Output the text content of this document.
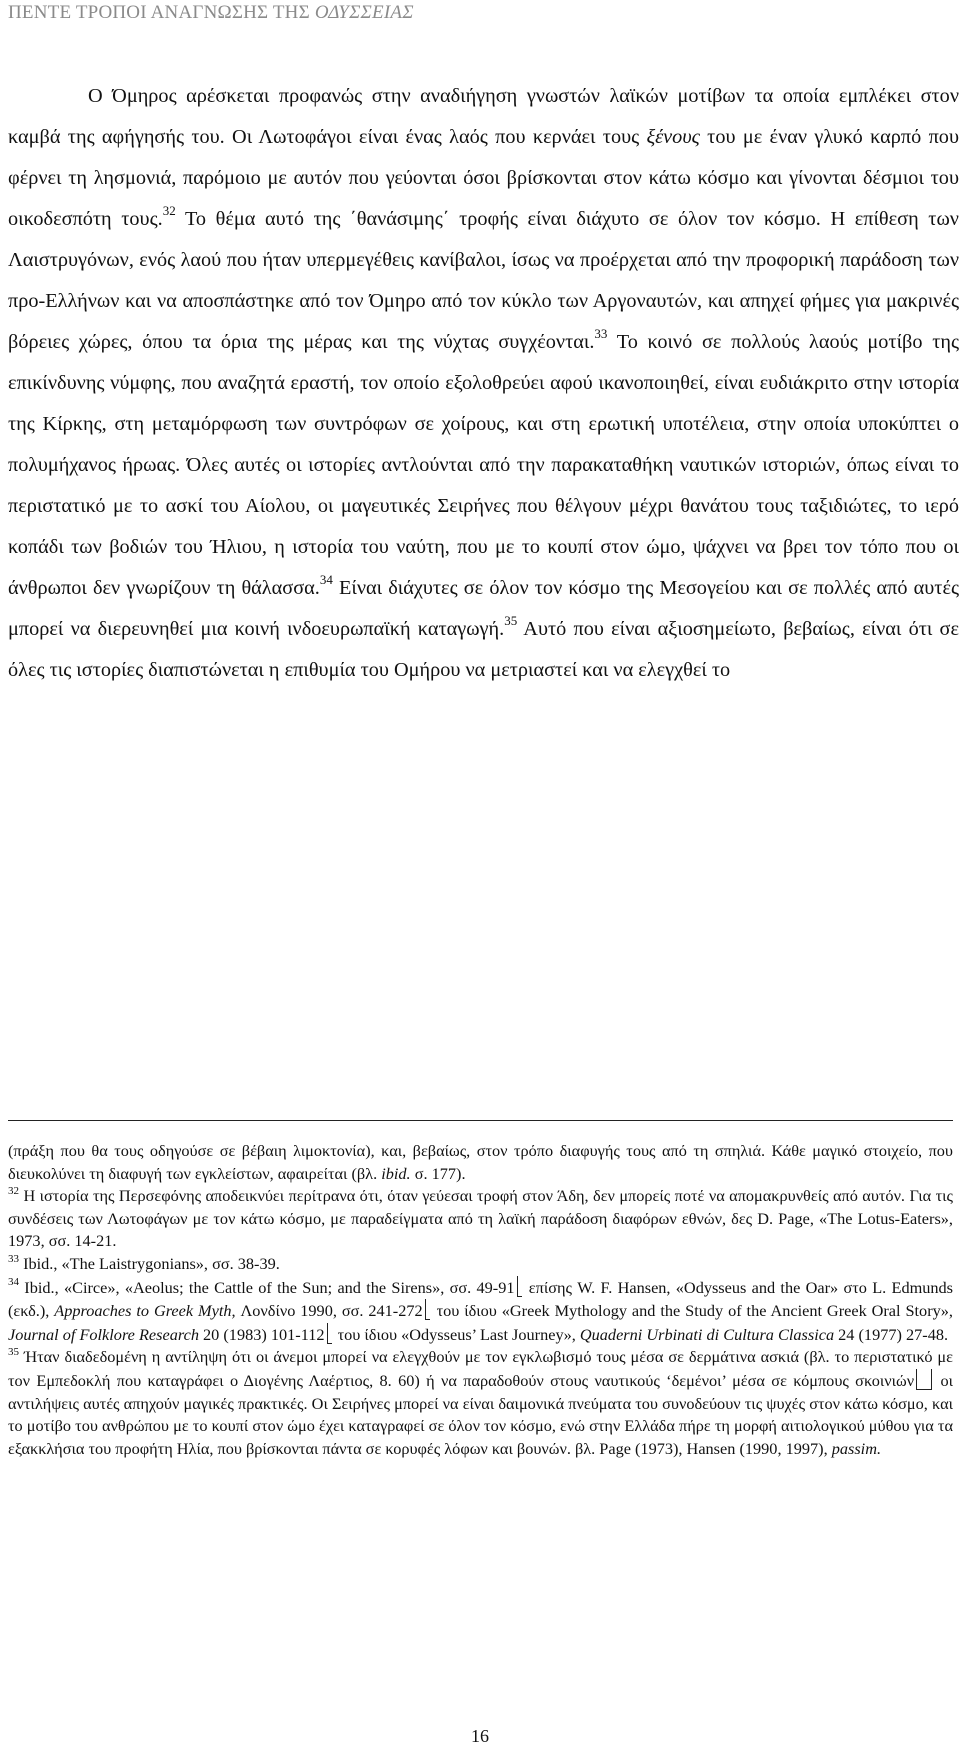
ΠΕΝΤΕ ΤΡΟΠΟΙ ΑΝΑΓΝΩΣΗΣ ΤΗΣ ΟΔΥΣΣΕΙΑΣ

Ο Όμηρος αρέσκεται προφανώς στην αναδιήγηση γνωστών λαϊκών μοτίβων τα οποία εμπλέκει στον καμβά της αφήγησής του. Οι Λωτοφάγοι είναι ένας λαός που κερνάει τους ξένους του με έναν γλυκό καρπό που φέρνει τη λησμονιά, παρόμοιο με αυτόν που γεύονται όσοι βρίσκονται στον κάτω κόσμο και γίνονται δέσμιοι του οικοδεσπότη τους.$^{32}$ Το θέμα αυτό της ΄θανάσιμης΄ τροφής είναι διάχυτο σε όλον τον κόσμο. Η επίθεση των Λαιστρυγόνων, ενός λαού που ήταν υπερμεγέθεις κανίβαλοι, ίσως να προέρχεται από την προφορική παράδοση των προ-Ελλήνων και να αποσπάστηκε από τον Όμηρο από τον κύκλο των Αργοναυτών, και απηχεί φήμες για μακρινές βόρειες χώρες, όπου τα όρια της μέρας και της νύχτας συγχέονται.$^{33}$ Το κοινό σε πολλούς λαούς μοτίβο της επικίνδυνης νύμφης, που αναζητά εραστή, τον οποίο εξολοθρεύει αφού ικανοποιηθεί, είναι ευδιάκριτο στην ιστορία της Κίρκης, στη μεταμόρφωση των συντρόφων σε χοίρους, και στη ερωτική υποτέλεια, στην οποία υποκύπτει ο πολυμήχανος ήρωας. Όλες αυτές οι ιστορίες αντλούνται από την παρακαταθήκη ναυτικών ιστοριών, όπως είναι το περιστατικό με το ασκί του Αίολου, οι μαγευτικές Σειρήνες που θέλγουν μέχρι θανάτου τους ταξιδιώτες, το ιερό κοπάδι των βοδιών του Ήλιου, η ιστορία του ναύτη, που με το κουπί στον ώμο, ψάχνει να βρει τον τόπο που οι άνθρωποι δεν γνωρίζουν τη θάλασσα.$^{34}$ Είναι διάχυτες σε όλον τον κόσμο της Μεσογείου και σε πολλές από αυτές μπορεί να διερευνηθεί μια κοινή ινδοευρωπαϊκή καταγωγή.$^{35}$ Αυτό που είναι αξιοσημείωτο, βεβαίως, είναι ότι σε όλες τις ιστορίες διαπιστώνεται η επιθυμία του Ομήρου να μετριαστεί και να ελεγχθεί το

(πράξη που θα τους οδηγούσε σε βέβαιη λιμοκτονία), και, βεβαίως, στον τρόπο διαφυγής τους από τη σπηλιά. Κάθε μαγικό στοιχείο, που διευκολύνει τη διαφυγή των εγκλείστων, αφαιρείται (βλ. ibid. σ. 177).

$^{32}$ Η ιστορία της Περσεφόνης αποδεικνύει περίτρανα ότι, όταν γεύεσαι τροφή στον Άδη, δεν μπορείς ποτέ να απομακρυνθείς από αυτόν. Για τις συνδέσεις των Λωτοφάγων με τον κάτω κόσμο, με παραδείγματα από τη λαϊκή παράδοση διαφόρων εθνών, δες D. Page, «The Lotus-Eaters», 1973, σσ. 14-21.

$^{33}$ Ibid., «The Laistrygonians», σσ. 38-39.

$^{34}$ Ibid., «Circe», «Aeolus; the Cattle of the Sun; and the Sirens», σσ. 49-91 επίσης W. F. Hansen, «Odysseus and the Oar» στο L. Edmunds (εκδ.), Approaches to Greek Myth, Λονδίνο 1990, σσ. 241-272 του ίδιου «Greek Mythology and the Study of the Ancient Greek Oral Story», Journal of Folklore Research 20 (1983) 101-112 του ίδιου «Odysseus’ Last Journey», Quaderni Urbinati di Cultura Classica 24 (1977) 27-48.

$^{35}$ Ήταν διαδεδομένη η αντίληψη ότι οι άνεμοι μπορεί να ελεγχθούν με τον εγκλωβισμό τους μέσα σε δερμάτινα ασκιά (βλ. το περιστατικό με τον Εμπεδοκλή που καταγράφει ο Διογένης Λαέρτιος, 8. 60) ή να παραδοθούν στους ναυτικούς ‘δεμένοι’ μέσα σε κόμπους σκοινιών οι αντιλήψεις αυτές απηχούν μαγικές πρακτικές. Οι Σειρήνες μπορεί να είναι δαιμονικά πνεύματα του συνοδεύουν τις ψυχές στον κάτω κόσμο, και το μοτίβο του ανθρώπου με το κουπί στον ώμο έχει καταγραφεί σε όλον τον κόσμο, ενώ στην Ελλάδα πήρε τη μορφή αιτιολογικού μύθου για τα εξακκλήσια του προφήτη Ηλία, που βρίσκονται πάντα σε κορυφές λόφων και βουνών. βλ. Page (1973), Hansen (1990, 1997), passim.

16
